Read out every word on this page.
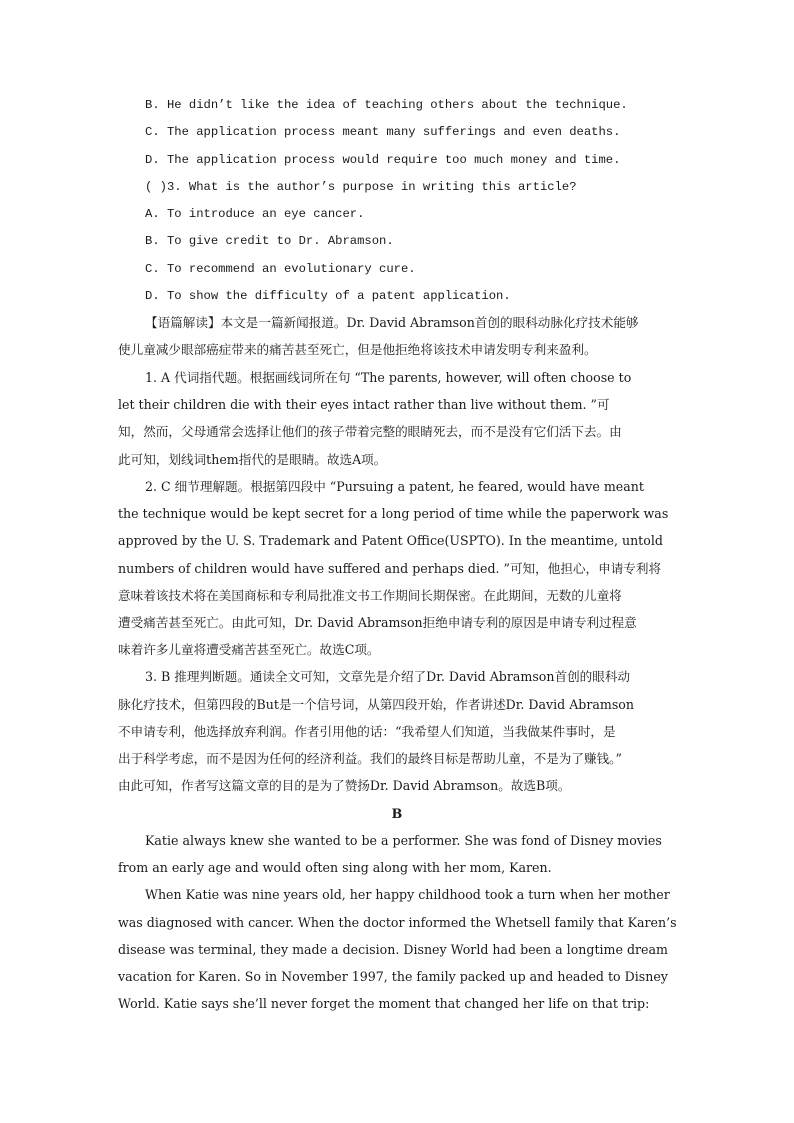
B. He didn’t like the idea of teaching others about the technique.
C. The application process meant many sufferings and even deaths.
D. The application process would require too much money and time.
( )3. What is the author’s purpose in writing this article?
A. To introduce an eye cancer.
B. To give credit to Dr. Abramson.
C. To recommend an evolutionary cure.
D. To show the difficulty of a patent application.
【语篇解读】本文是一篇新闻报道。Dr. David Abramson首创的眼科动脉化疗技术能够
使儿童减少眼部癌症带来的痛苦甚至死亡，但是他拒绝将该技术申请发明专利来盈利。
1. A 代词指代题。根据画线词所在句 “The parents, however, will often choose to
let their children die with their eyes intact rather than live without them. ”可
知，然而，父母通常会选择让他们的孩子带着完整的眼睛死去，而不是没有它们活下去。由
此可知，划线词them指代的是眼睛。故选A项。
2. C 细节理解题。根据第四段中 “Pursuing a patent, he feared, would have meant
the technique would be kept secret for a long period of time while the paperwork was
approved by the U. S. Trademark and Patent Office(USPTO). In the meantime, untold
numbers of children would have suffered and perhaps died. ”可知，他担心，申请专利将
意味着该技术将在美国商标和专利局批准文书工作期间长期保密。在此期间，无数的儿童将
遭受痛苦甚至死亡。由此可知，Dr. David Abramson拒绝申请专利的原因是申请专利过程意
味着许多儿童将遭受痛苦甚至死亡。故选C项。
3. B 推理判断题。通读全文可知，文章先是介绍了Dr. David Abramson首创的眼科动
脉化疗技术，但第四段的But是一个信号词，从第四段开始，作者讲述Dr. David Abramson
不申请专利，他选择放弃利润。作者引用他的话：“我希望人们知道，当我做某件事时，是
出于科学考虑，而不是因为任何的经济利益。我们的最终目标是帮助儿童，不是为了赚钱。”
由此可知，作者写这篇文章的目的是为了赞扬Dr. David Abramson。故选B项。
B
Katie always knew she wanted to be a performer. She was fond of Disney movies
from an early age and would often sing along with her mom, Karen.
When Katie was nine years old, her happy childhood took a turn when her mother
was diagnosed with cancer. When the doctor informed the Whetsell family that Karen’s
disease was terminal, they made a decision. Disney World had been a longtime dream
vacation for Karen. So in November 1997, the family packed up and headed to Disney
World. Katie says she’ll never forget the moment that changed her life on that trip:
